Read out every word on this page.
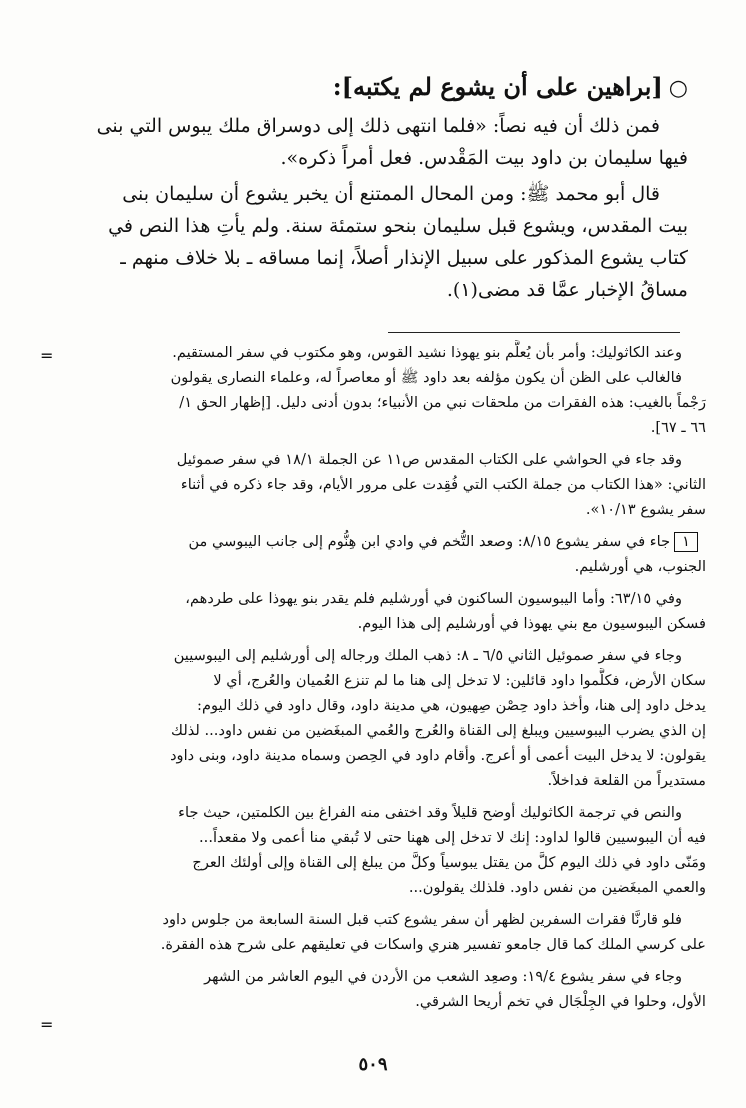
○[براهين على أن يشوع لم يكتبه]:
فمن ذلك أن فيه نصاً: «فلما انتهى ذلك إلى دوسراق ملك يبوس التي بنى
فيها سليمان بن داود بيت المَقْدس. فعل أمراً ذكره».
قال أبو محمد ﷺ: ومن المحال الممتنع أن يخبر يشوع أن سليمان بنى
بيت المقدس، ويشوع قبل سليمان بنحو ستمئة سنة. ولم يأتِ هذا النص في
كتاب يشوع المذكور على سبيل الإنذار أصلاً، إنما مساقه ـ بلا خلاف منهم ـ
مساقُ الإخبار عمَّا قد مضى(١).
=
=
وعند الكاثوليك: وأمر بأن يُعلَّم بنو يهوذا نشيد القوس، وهو مكتوب في سفر المستقيم.
فالغالب على الظن أن يكون مؤلفه بعد داود ﷺ أو معاصراً له، وعلماء النصارى يقولون
رَجْماً بالغيب: هذه الفقرات من ملحقات نبي من الأنبياء؛ بدون أدنى دليل. [إظهار الحق ١/
٦٦ ـ ٦٧].
وقد جاء في الحواشي على الكتاب المقدس ص١١ عن الجملة ١٨/١ في سفر صموئيل
الثاني: «هذا الكتاب من جملة الكتب التي فُقِدت على مرور الأيام، وقد جاء ذكره في أثناء
سفر يشوع ١٠/١٣».
١جاء في سفر يشوع ٨/١٥: وصعد التُّخم في وادي ابن هِنُّوم إلى جانب اليبوسي من
الجنوب، هي أورشليم.
وفي ٦٣/١٥: وأما اليبوسيون الساكنون في أورشليم فلم يقدر بنو يهوذا على طردهم،
فسكن اليبوسيون مع بني يهوذا في أورشليم إلى هذا اليوم.
وجاء في سفر صموئيل الثاني ٦/٥ ـ ٨: ذهب الملك ورجاله إلى أورشليم إلى اليبوسيين
سكان الأرض، فكلَّموا داود قائلين: لا تدخل إلى هنا ما لم تنزع العُميان والعُرج، أي لا
يدخل داود إلى هنا، وأخذ داود حِصْن صِهيون، هي مدينة داود، وقال داود في ذلك اليوم:
إن الذي يضرب اليبوسيين ويبلغ إلى القناة والعُرج والعُمي المبغَضين من نفس داود... لذلك
يقولون: لا يدخل البيت أعمى أو أعرج. وأقام داود في الحِصن وسماه مدينة داود، وبنى داود
مستديراً من القلعة فداخلاً.
والنص في ترجمة الكاثوليك أوضح قليلاً وقد اختفى منه الفراغ بين الكلمتين، حيث جاء
فيه أن اليبوسيين قالوا لداود: إنك لا تدخل إلى ههنا حتى لا تُبقي منا أعمى ولا مقعداً...
ومَنّى داود في ذلك اليوم كلَّ من يقتل يبوسياً وكلَّ من يبلغ إلى القناة وإلى أولئك العرج
والعمي المبغَضين من نفس داود. فلذلك يقولون...
فلو قارنَّا فقرات السفرين لظهر أن سفر يشوع كتب قبل السنة السابعة من جلوس داود
على كرسي الملك كما قال جامعو تفسير هنري واسكات في تعليقهم على شرح هذه الفقرة.
وجاء في سفر يشوع ١٩/٤: وصعِد الشعب من الأردن في اليوم العاشر من الشهر
الأول، وحلوا في الجِلْجَال في تخم أريحا الشرقي.
٥٠٩
